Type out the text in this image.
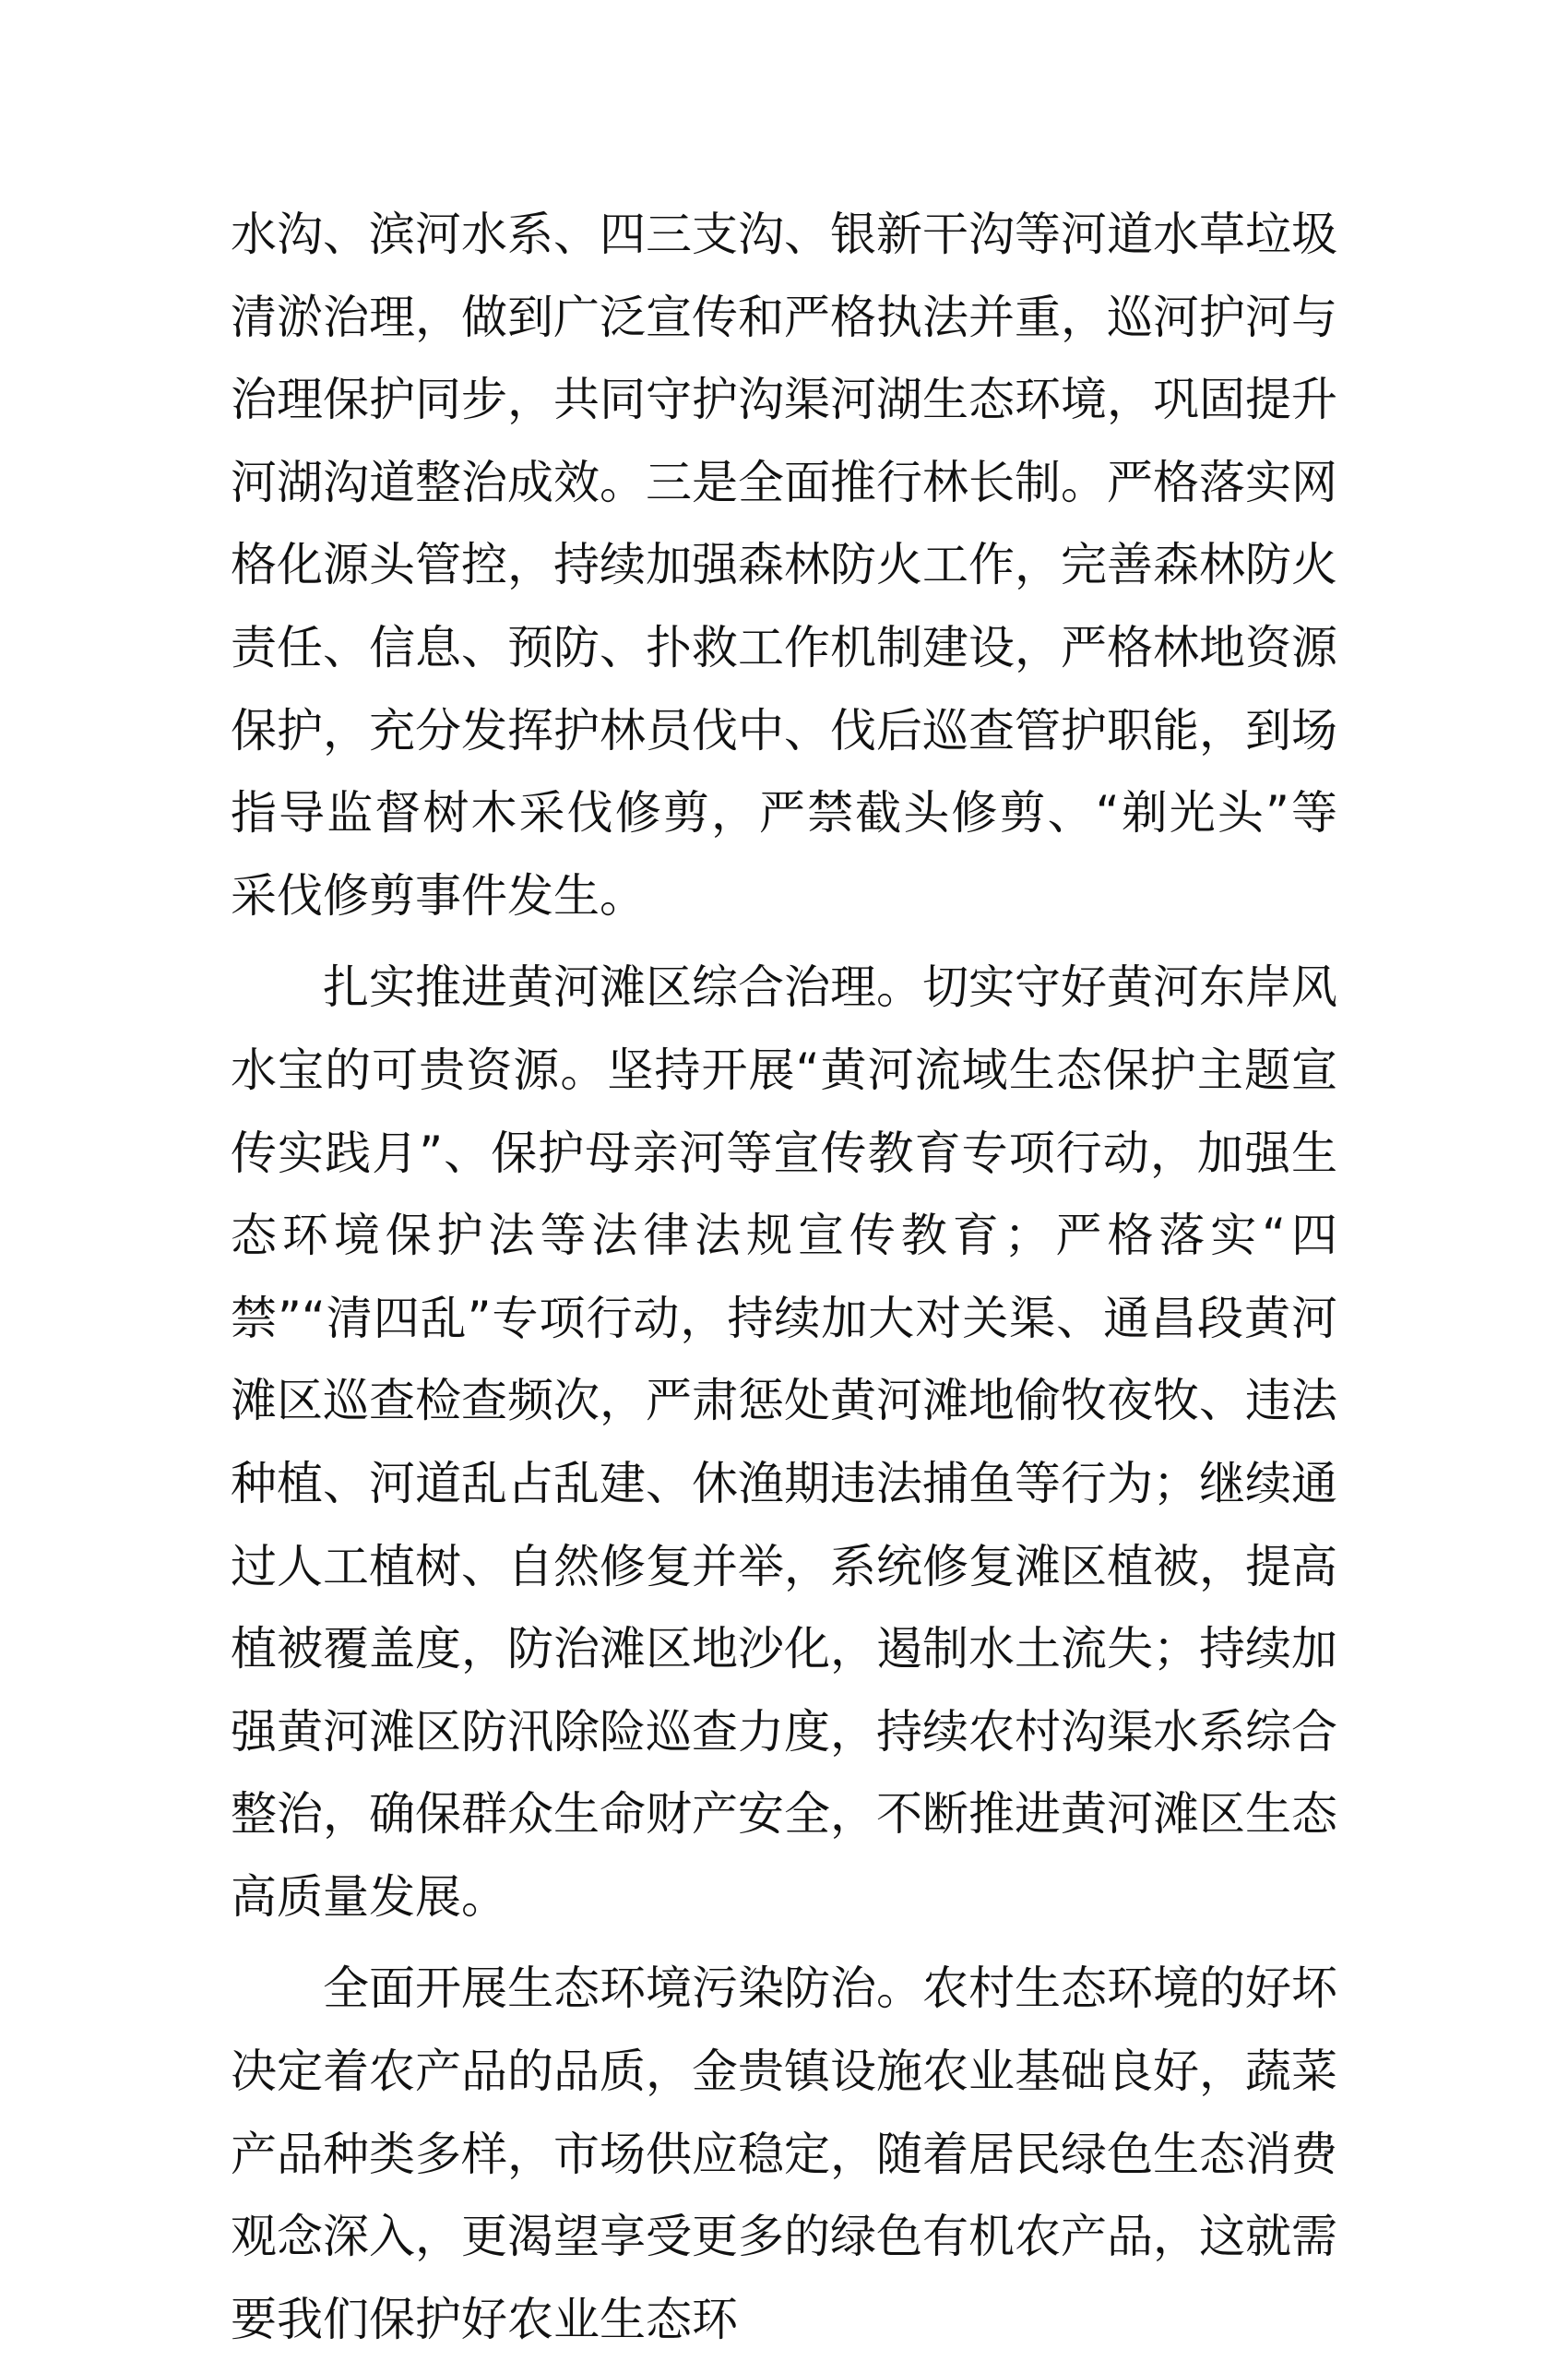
水沟、滨河水系、四三支沟、银新干沟等河道水草垃圾清淤治理，做到广泛宣传和严格执法并重，巡河护河与治理保护同步，共同守护沟渠河湖生态环境，巩固提升河湖沟道整治成效。三是全面推行林长制。严格落实网格化源头管控，持续加强森林防火工作，完善森林防火责任、信息、预防、扑救工作机制建设，严格林地资源保护，充分发挥护林员伐中、伐后巡查管护职能，到场指导监督树木采伐修剪，严禁截头修剪、“剃光头”等采伐修剪事件发生。

扎实推进黄河滩区综合治理。切实守好黄河东岸风水宝的可贵资源。坚持开展“黄河流域生态保护主题宣传实践月”、保护母亲河等宣传教育专项行动，加强生态环境保护法等法律法规宣传教育；严格落实“四禁”“清四乱”专项行动，持续加大对关渠、通昌段黄河滩区巡查检查频次，严肃惩处黄河滩地偷牧夜牧、违法种植、河道乱占乱建、休渔期违法捕鱼等行为；继续通过人工植树、自然修复并举，系统修复滩区植被，提高植被覆盖度，防治滩区地沙化，遏制水土流失；持续加强黄河滩区防汛除险巡查力度，持续农村沟渠水系综合整治，确保群众生命财产安全，不断推进黄河滩区生态高质量发展。

全面开展生态环境污染防治。农村生态环境的好坏决定着农产品的品质，金贵镇设施农业基础良好，蔬菜产品种类多样，市场供应稳定，随着居民绿色生态消费观念深入，更渴望享受更多的绿色有机农产品，这就需要我们保护好农业生态环
